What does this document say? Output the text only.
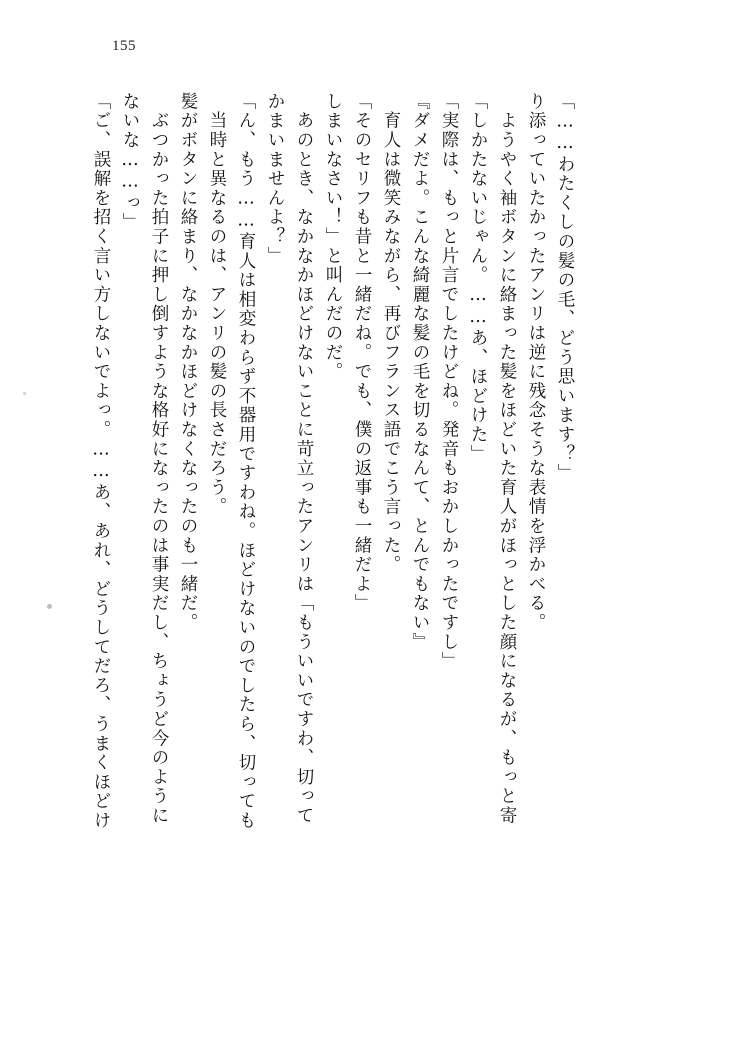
155
「ご、誤解を招く言い方しないでよっ。……あ、あれ、どうしてだろ、うまくほどけ ないな……っ」 　ぶつかった拍子に押し倒すような格好になったのは事実だし、ちょうど今のように 髪がボタンに絡まり、なかなかほどけなくなったのも一緒だ。 　当時と異なるのは、アンリの髪の長さだろう。 「ん、もう……育人は相変わらず不器用ですわね。ほどけないのでしたら、切っても かまいませんよ？」 　あのとき、なかなかほどけないことに苛立ったアンリは「もういいですわ、切って しまいなさい！」と叫んだのだ。 「そのセリフも昔と一緒だね。でも、僕の返事も一緒だよ」 　育人は微笑みながら、再びフランス語でこう言った。 『ダメだよ。こんな綺麗な髪の毛を切るなんて、とんでもない』 「実際は、もっと片言でしたけどね。発音もおかしかったですし」 「しかたないじゃん。……あ、ほどけた」 　ようやく袖ボタンに絡まった髪をほどいた育人がほっとした顔になるが、もっと寄 り添っていたかったアンリは逆に残念そうな表情を浮かべる。 「……わたくしの髪の毛、どう思います？」
